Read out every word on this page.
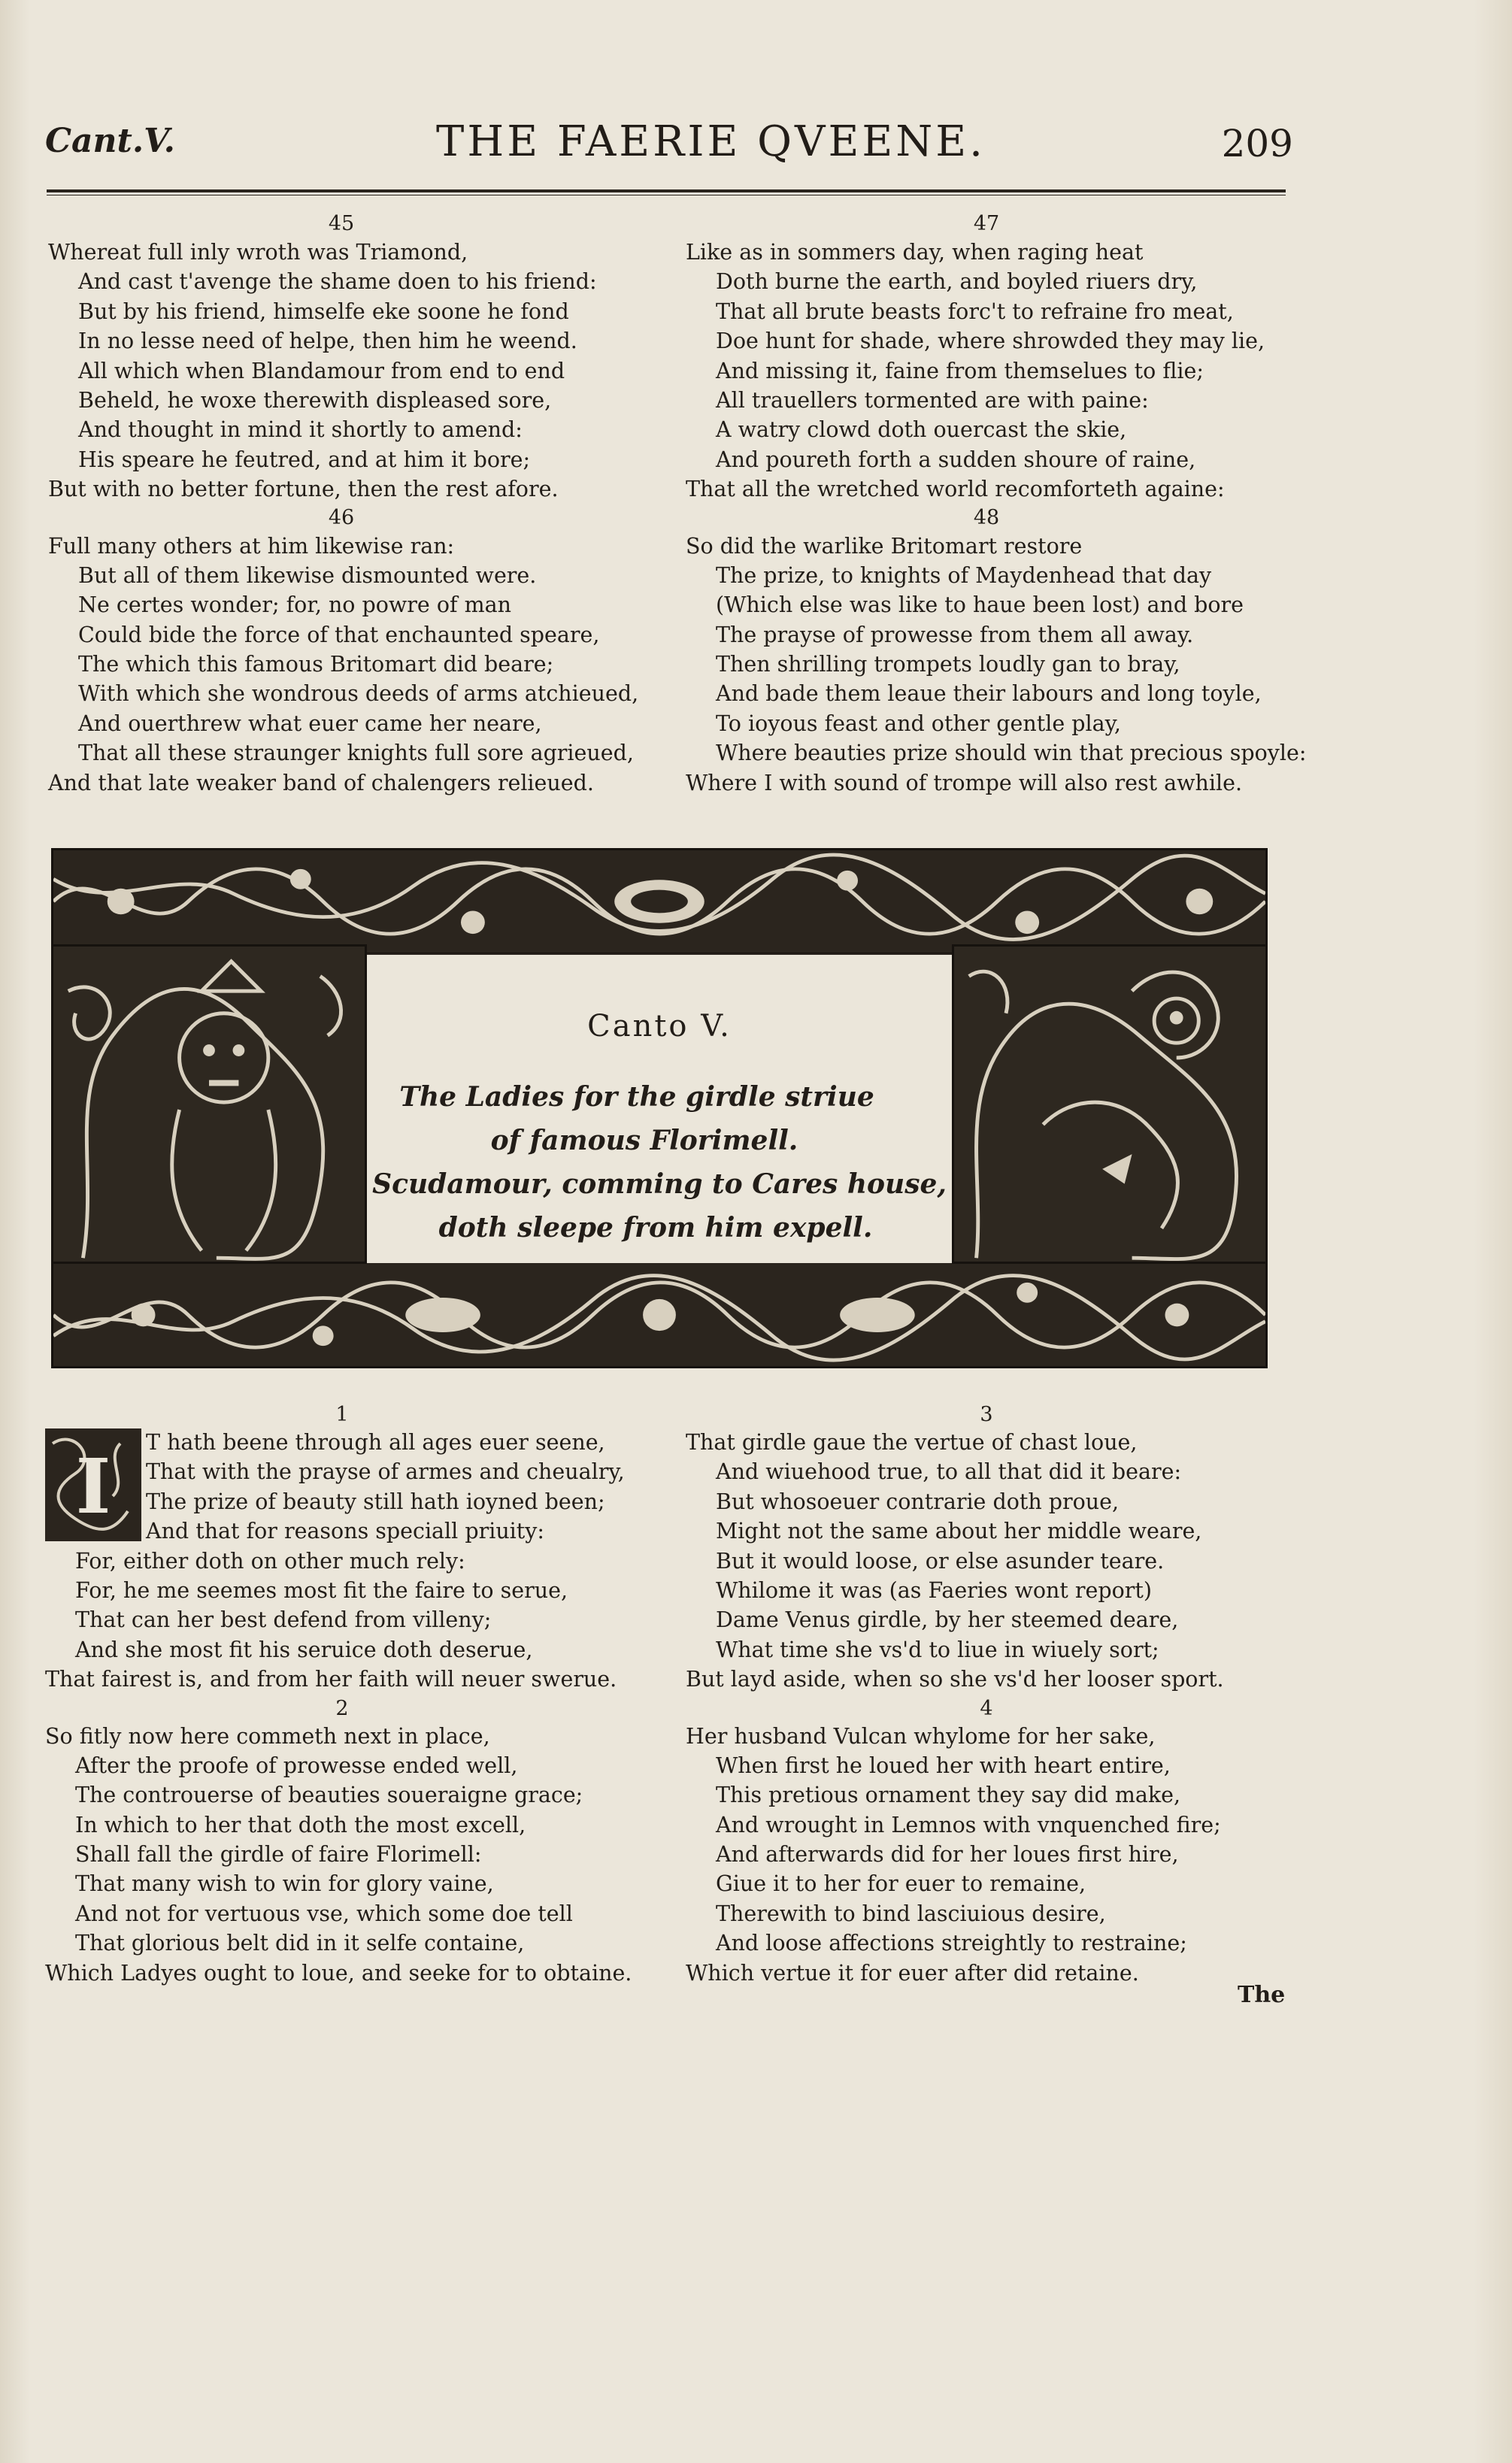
Cant.V.	THE FAERIE QVEENE.	209
45
Whereat full inly wroth was Triamond,
And cast t'avenge the shame doen to his friend:
But by his friend, himselfe eke soone he fond
In no lesse need of helpe, then him he weend.
All which when Blandamour from end to end
Beheld, he woxe therewith displeased sore,
And thought in mind it shortly to amend:
His speare he feutred, and at him it bore;
But with no better fortune, then the rest afore.
46
Full many others at him likewise ran:
But all of them likewise dismounted were.
Ne certes wonder; for, no powre of man
Could bide the force of that enchaunted speare,
The which this famous Britomart did beare;
With which she wondrous deeds of arms atchieued,
And ouerthrew what euer came her neare,
That all these straunger knights full sore agrieued,
And that late weaker band of chalengers relieued.
47
Like as in sommers day, when raging heat
Doth burne the earth, and boyled riuers dry,
That all brute beasts forc't to refraine fro meat,
Doe hunt for shade, where shrowded they may lie,
And missing it, faine from themselues to flie;
All trauellers tormented are with paine:
A watry clowd doth ouercast the skie,
And poureth forth a sudden shoure of raine,
That all the wretched world recomforteth againe:
48
So did the warlike Britomart restore
The prize, to knights of Maydenhead that day
(Which else was like to haue been lost) and bore
The prayse of prowesse from them all away.
Then shrilling trompets loudly gan to bray,
And bade them leaue their labours and long toyle,
To ioyous feast and other gentle play,
Where beauties prize should win that precious spoyle:
Where I with sound of trompe will also rest awhile.
Canto V.
The Ladies for the girdle striue
of famous Florimell.
Scudamour, comming to Cares house,
doth sleepe from him expell.
1
I	T hath beene through all ages euer seene,
That with the prayse of armes and cheualry,
The prize of beauty still hath ioyned been;
And that for reasons speciall priuity:
For, either doth on other much rely:
For, he me seemes most fit the faire to serue,
That can her best defend from villeny;
And she most fit his seruice doth deserue,
That fairest is, and from her faith will neuer swerue.
2
So fitly now here commeth next in place,
After the proofe of prowesse ended well,
The controuerse of beauties soueraigne grace;
In which to her that doth the most excell,
Shall fall the girdle of faire Florimell:
That many wish to win for glory vaine,
And not for vertuous vse, which some doe tell
That glorious belt did in it selfe containe,
Which Ladyes ought to loue, and seeke for to obtaine.
3
That girdle gaue the vertue of chast loue,
And wiuehood true, to all that did it beare:
But whosoeuer contrarie doth proue,
Might not the same about her middle weare,
But it would loose, or else asunder teare.
Whilome it was (as Faeries wont report)
Dame Venus girdle, by her steemed deare,
What time she vs'd to liue in wiuely sort;
But layd aside, when so she vs'd her looser sport.
4
Her husband Vulcan whylome for her sake,
When first he loued her with heart entire,
This pretious ornament they say did make,
And wrought in Lemnos with vnquenched fire;
And afterwards did for her loues first hire,
Giue it to her for euer to remaine,
Therewith to bind lasciuious desire,
And loose affections streightly to restraine;
Which vertue it for euer after did retaine.
The
